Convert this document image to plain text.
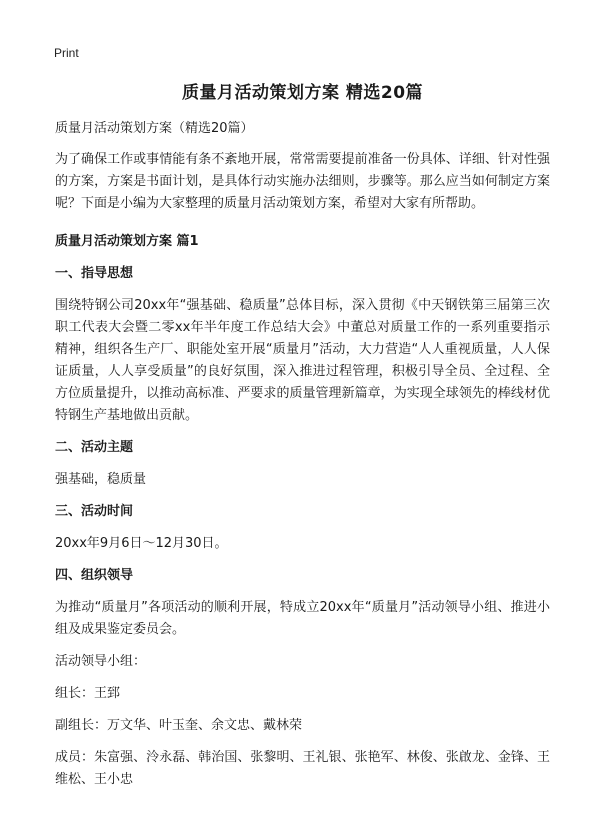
Print
质量月活动策划方案 精选20篇

质量月活动策划方案（精选20篇）

为了确保工作或事情能有条不紊地开展，常常需要提前准备一份具体、详细、针对性强的方案，方案是书面计划，是具体行动实施办法细则，步骤等。那么应当如何制定方案呢？下面是小编为大家整理的质量月活动策划方案，希望对大家有所帮助。

质量月活动策划方案 篇1

一、指导思想

围绕特钢公司20xx年“强基础、稳质量”总体目标，深入贯彻《中天钢铁第三届第三次职工代表大会暨二零xx年半年度工作总结大会》中董总对质量工作的一系列重要指示精神，组织各生产厂、职能处室开展“质量月”活动，大力营造“人人重视质量，人人保证质量，人人享受质量”的良好氛围，深入推进过程管理，积极引导全员、全过程、全方位质量提升，以推动高标准、严要求的质量管理新篇章，为实现全球领先的棒线材优特钢生产基地做出贡献。

二、活动主题

强基础，稳质量

三、活动时间

20xx年9月6日～12月30日。

四、组织领导

为推动“质量月”各项活动的顺利开展，特成立20xx年“质量月”活动领导小组、推进小组及成果鉴定委员会。

活动领导小组：

组长：王郅

副组长：万文华、叶玉奎、余文忠、戴林荣

成员：朱富强、泠永磊、韩治国、张黎明、王礼银、张艳军、林俊、张啟龙、金锋、王维松、王小忠
